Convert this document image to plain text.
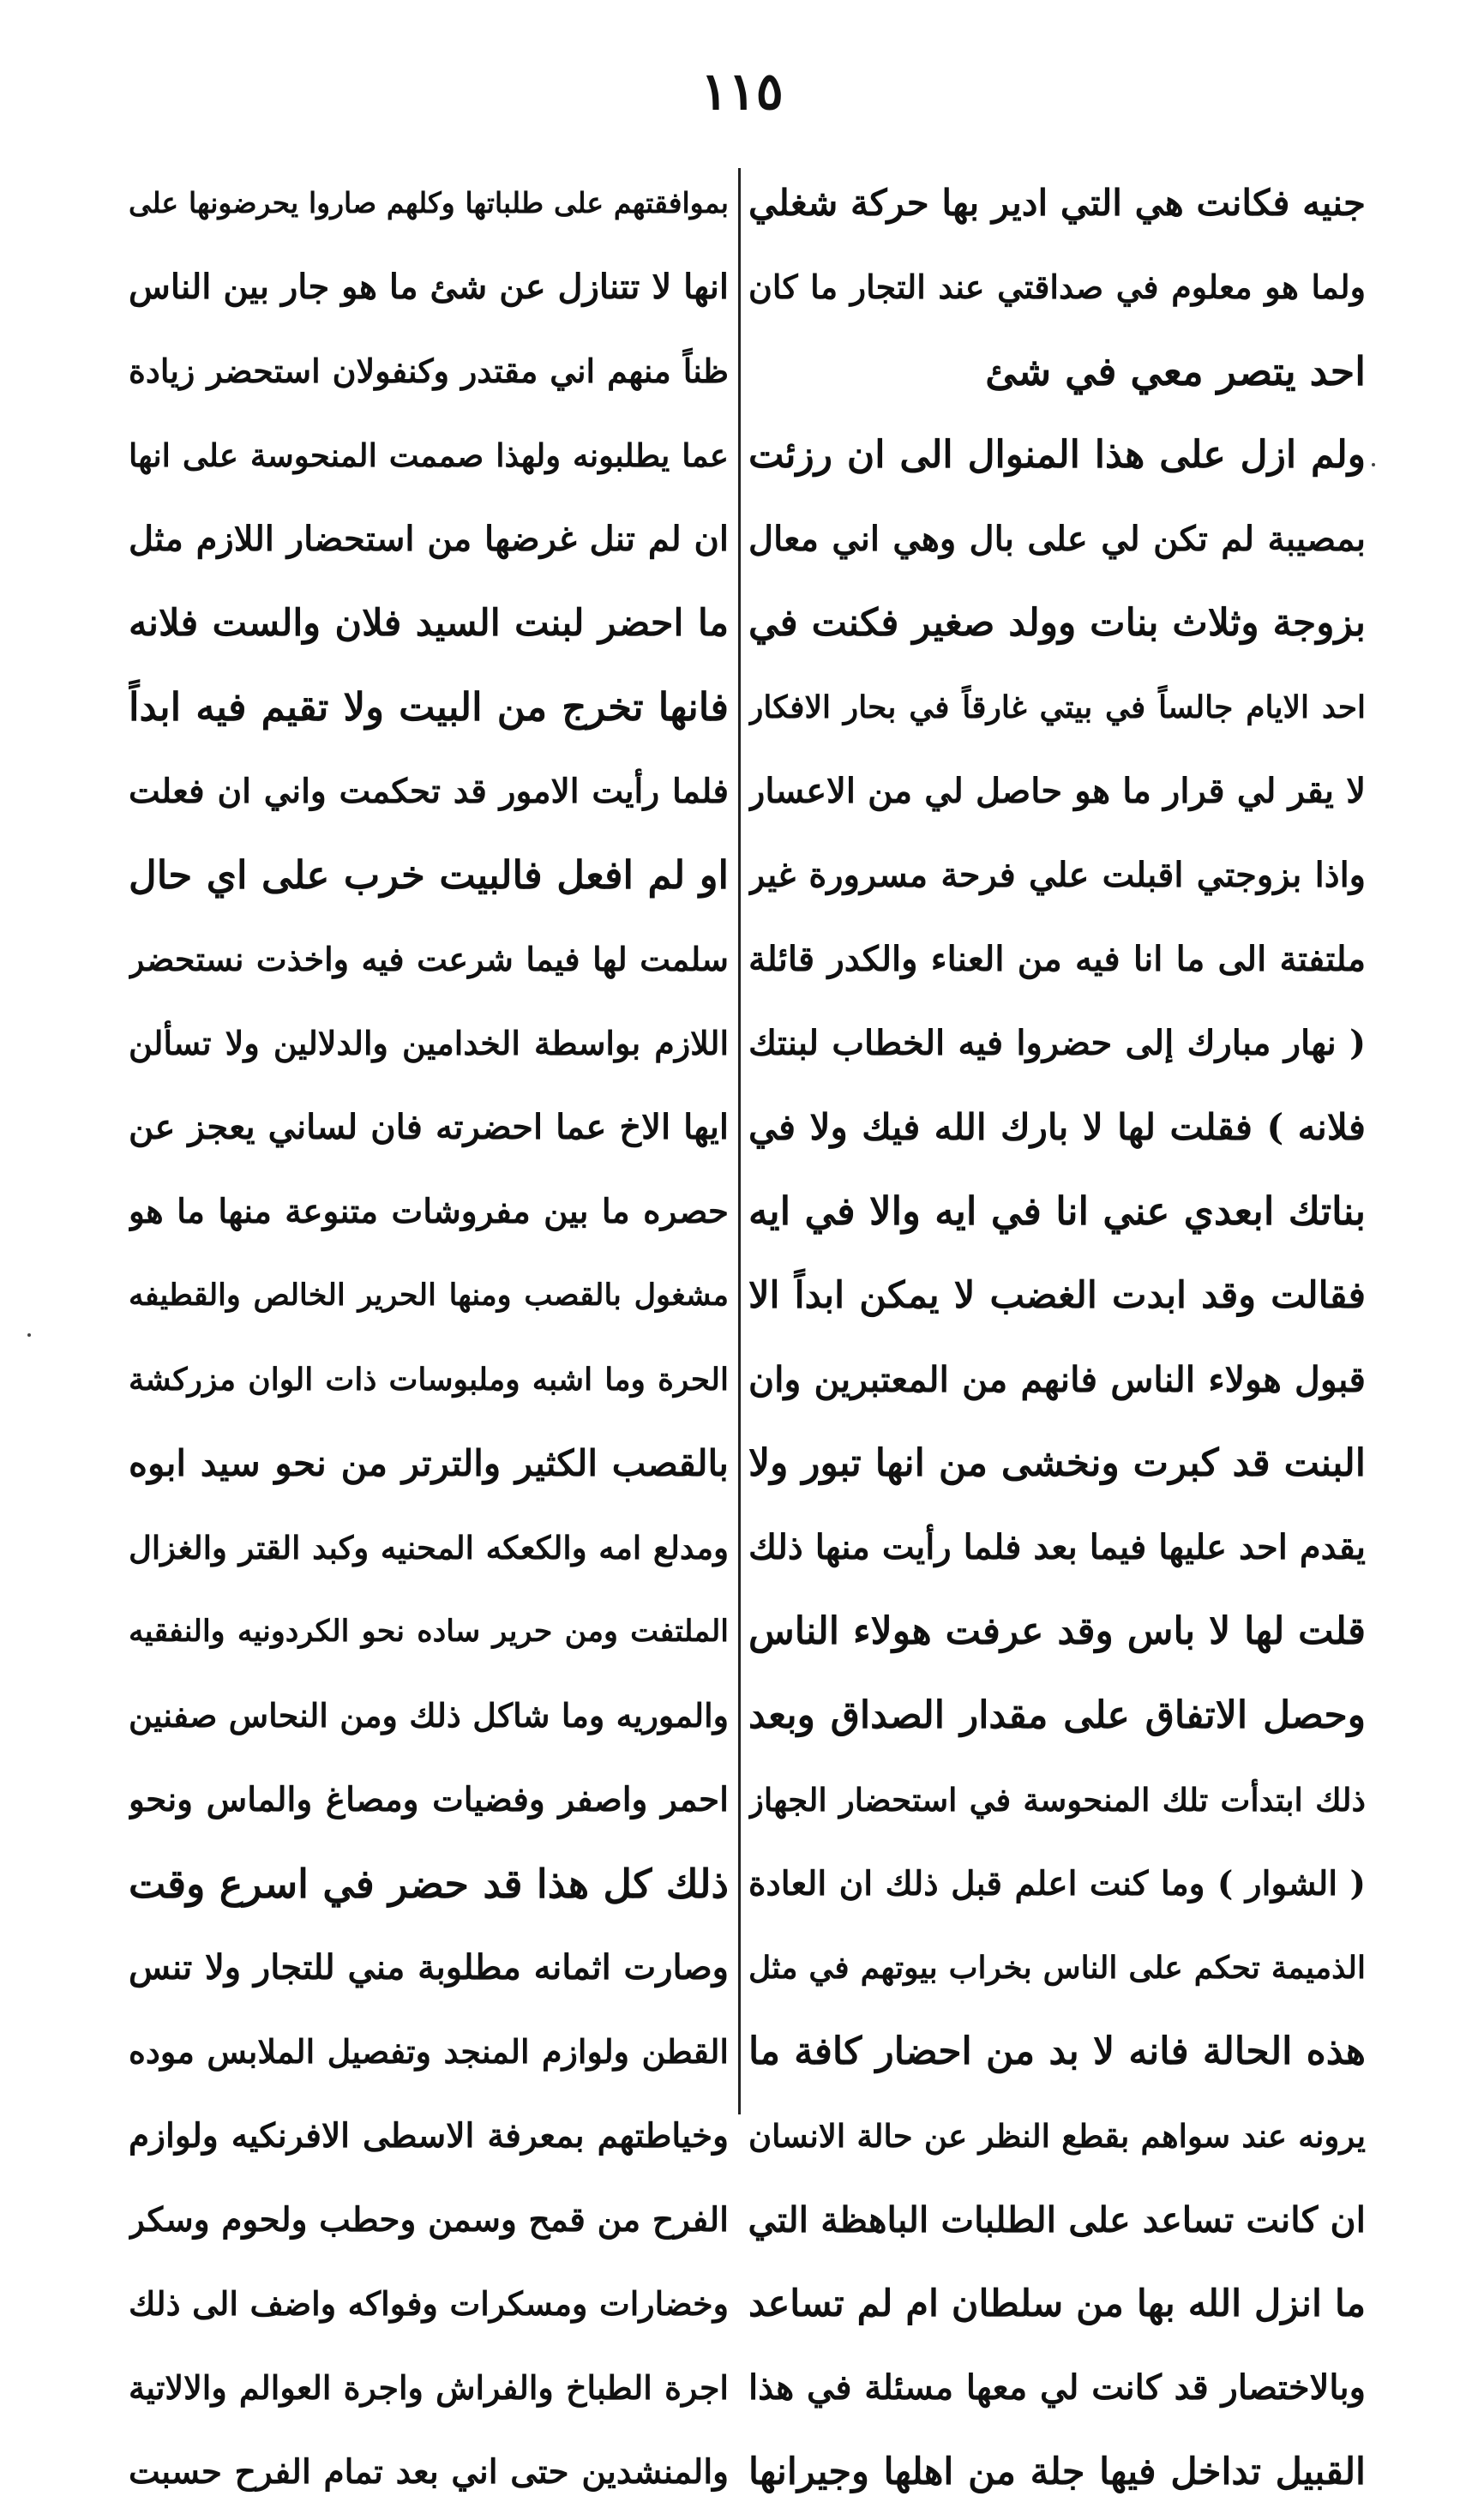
١١٥
جنيه فكانت هي التي ادير بها حركة شغلي
ولما هو معلوم في صداقتي عند التجار ما كان
احد يتصر معي في شئ
ولم ازل على هذا المنوال الى ان رزئت
بمصيبة لم تكن لي على بال وهي اني معال
بزوجة وثلاث بنات وولد صغير فكنت في
احد الايام جالساً في بيتي غارقاً في بحار الافكار
لا يقر لي قرار ما هو حاصل لي من الاعسار
واذا بزوجتي اقبلت علي فرحة مسرورة غير
ملتفتة الى ما انا فيه من العناء والكدر قائلة
( نهار مبارك إلى حضروا فيه الخطاب لبنتك
فلانه ) فقلت لها لا بارك الله فيك ولا في
بناتك ابعدي عني انا في ايه والا في ايه
فقالت وقد ابدت الغضب لا يمكن ابداً الا
قبول هولاء الناس فانهم من المعتبرين وان
البنت قد كبرت ونخشى من انها تبور ولا
يقدم احد عليها فيما بعد فلما رأيت منها ذلك
قلت لها لا باس وقد عرفت هولاء الناس
وحصل الاتفاق على مقدار الصداق وبعد
ذلك ابتدأت تلك المنحوسة في استحضار الجهاز
( الشوار ) وما كنت اعلم قبل ذلك ان العادة
الذميمة تحكم على الناس بخراب بيوتهم في مثل
هذه الحالة فانه لا بد من احضار كافة ما
يرونه عند سواهم بقطع النظر عن حالة الانسان
ان كانت تساعد على الطلبات الباهظة التي
ما انزل الله بها من سلطان ام لم تساعد
وبالاختصار قد كانت لي معها مسئلة في هذا
القبيل تداخل فيها جلة من اهلها وجيرانها
بموافقتهم على طلباتها وكلهم صاروا يحرضونها على
انها لا تتنازل عن شئ ما هو جار بين الناس
ظناً منهم اني مقتدر وكنفولان استحضر زيادة
عما يطلبونه ولهذا صممت المنحوسة على انها
ان لم تنل غرضها من استحضار اللازم مثل
ما احضر لبنت السيد فلان والست فلانه
فانها تخرج من البيت ولا تقيم فيه ابداً
فلما رأيت الامور قد تحكمت واني ان فعلت
او لم افعل فالبيت خرب على اي حال
سلمت لها فيما شرعت فيه واخذت نستحضر
اللازم بواسطة الخدامين والدلالين ولا تسألن
ايها الاخ عما احضرته فان لساني يعجز عن
حصره ما بين مفروشات متنوعة منها ما هو
مشغول بالقصب ومنها الحرير الخالص والقطيفه
الحرة وما اشبه وملبوسات ذات الوان مزركشة
بالقصب الكثير والترتر من نحو سيد ابوه
ومدلع امه والكعكه المحنيه وكبد القتر والغزال
الملتفت ومن حرير ساده نحو الكردونيه والنفقيه
والموريه وما شاكل ذلك ومن النحاس صفنين
احمر واصفر وفضيات ومصاغ والماس ونحو
ذلك كل هذا قد حضر في اسرع وقت
وصارت اثمانه مطلوبة مني للتجار ولا تنس
القطن ولوازم المنجد وتفصيل الملابس موده
وخياطتهم بمعرفة الاسطى الافرنكيه ولوازم
الفرح من قمح وسمن وحطب ولحوم وسكر
وخضارات ومسكرات وفواكه واضف الى ذلك
اجرة الطباخ والفراش واجرة العوالم والالاتية
والمنشدين حتى اني بعد تمام الفرح حسبت
